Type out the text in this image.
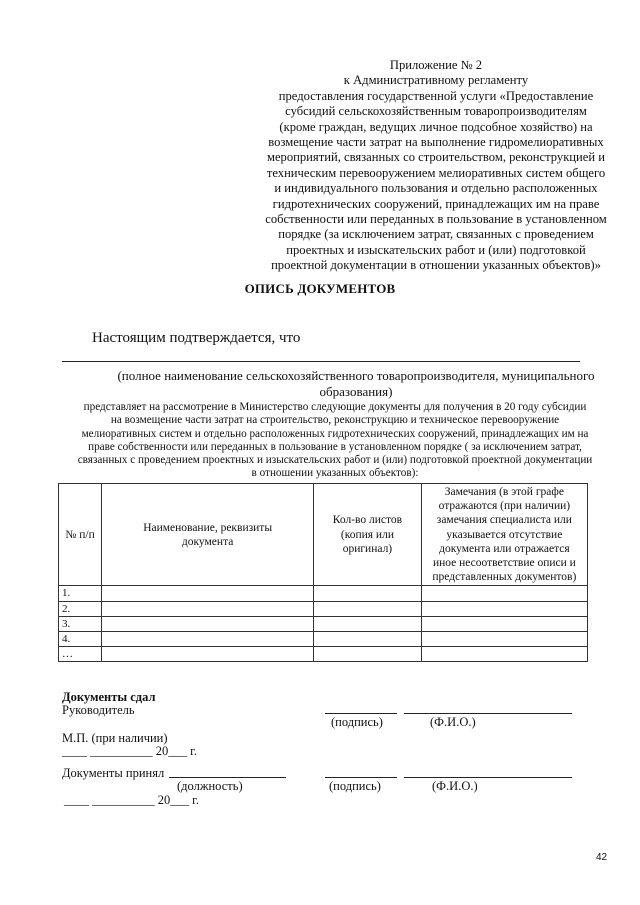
Приложение № 2
к Административному регламенту
предоставления государственной услуги «Предоставление
субсидий сельскохозяйственным товаропроизводителям
(кроме граждан, ведущих личное подсобное хозяйство) на
возмещение части затрат на выполнение гидромелиоративных
мероприятий, связанных со строительством, реконструкцией и
техническим перевооружением мелиоративных систем общего
и индивидуального пользования и отдельно расположенных
гидротехнических сооружений, принадлежащих им на праве
собственности или переданных в пользование в установленном
порядке (за исключением затрат, связанных с проведением
проектных и изыскательских работ и (или) подготовкой
проектной документации в отношении указанных объектов)»
ОПИСЬ ДОКУМЕНТОВ
Настоящим подтверждается, что
(полное наименование сельскохозяйственного товаропроизводителя, муниципального образования)
представляет на рассмотрение в Министерство следующие документы для получения в 20 году субсидии
на возмещение части затрат на строительство, реконструкцию и техническое перевооружение
мелиоративных систем и отдельно расположенных гидротехнических сооружений, принадлежащих им на
праве собственности или переданных в пользование в установленном порядке ( за исключением затрат,
связанных с проведением проектных и изыскательских работ и (или) подготовкой проектной документации
в отношении указанных объектов):
№ п/п	Наименование, реквизиты документа	Кол-во листов (копия или оригинал)	Замечания (в этой графе отражаются (при наличии) замечания специалиста или указывается отсутствие документа или отражается иное несоответствие описи и представленных документов)
1.			
2.			
3.			
4.			
…			
Документы сдал
Руководитель
(подпись)	(Ф.И.О.)
М.П. (при наличии)
____ __________ 20___ г.
Документы принял
(должность)	(подпись)	(Ф.И.О.)
____ __________ 20___ г.
42
